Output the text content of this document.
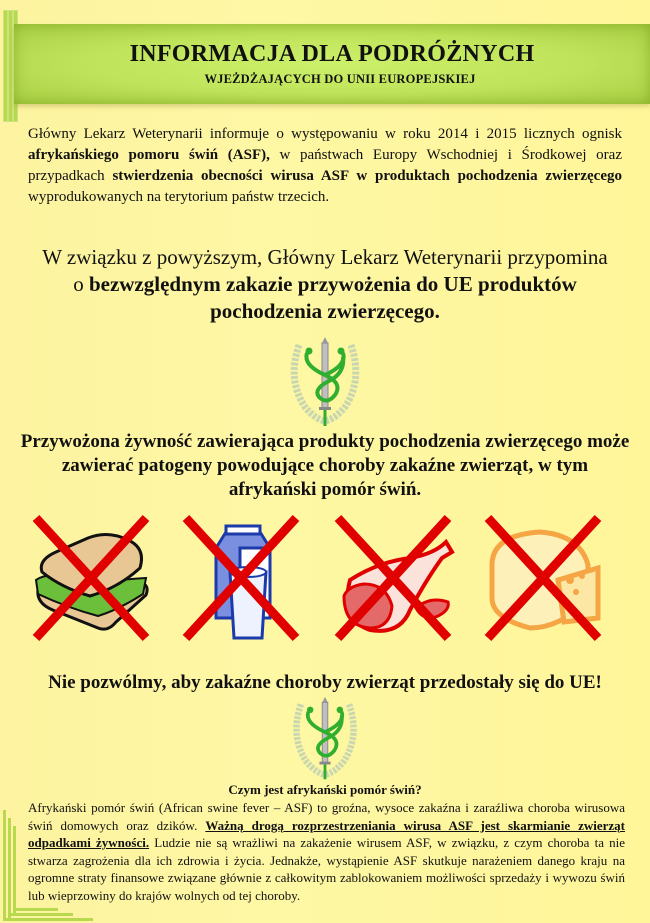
INFORMACJA DLA PODRÓŻNYCH
WJEŻDŻAJĄCYCH DO UNII EUROPEJSKIEJ
Główny Lekarz Weterynarii informuje o występowaniu w roku 2014 i 2015 licznych ognisk afrykańskiego pomoru świń (ASF), w państwach Europy Wschodniej i Środkowej oraz przypadkach stwierdzenia obecności wirusa ASF w produktach pochodzenia zwierzęcego wyprodukowanych na terytorium państw trzecich.
W związku z powyższym, Główny Lekarz Weterynarii przypomina
o bezwzględnym zakazie przywożenia do UE produktów pochodzenia zwierzęcego.
Przywożona żywność zawierająca produkty pochodzenia zwierzęcego może zawierać patogeny powodujące choroby zakaźne zwierząt, w tym afrykański pomór świń.
Nie pozwólmy, aby zakaźne choroby zwierząt przedostały się do UE!
Czym jest afrykański pomór świń?
Afrykański pomór świń (African swine fever – ASF) to groźna, wysoce zakaźna i zaraźliwa choroba wirusowa świń domowych oraz dzików. Ważną drogą rozprzestrzeniania wirusa ASF jest skarmianie zwierząt odpadkami żywności. Ludzie nie są wrażliwi na zakażenie wirusem ASF, w związku, z czym choroba ta nie stwarza zagrożenia dla ich zdrowia i życia. Jednakże, wystąpienie ASF skutkuje narażeniem danego kraju na ogromne straty finansowe związane głównie z całkowitym zablokowaniem możliwości sprzedaży i wywozu świń lub wieprzowiny do krajów wolnych od tej choroby.
